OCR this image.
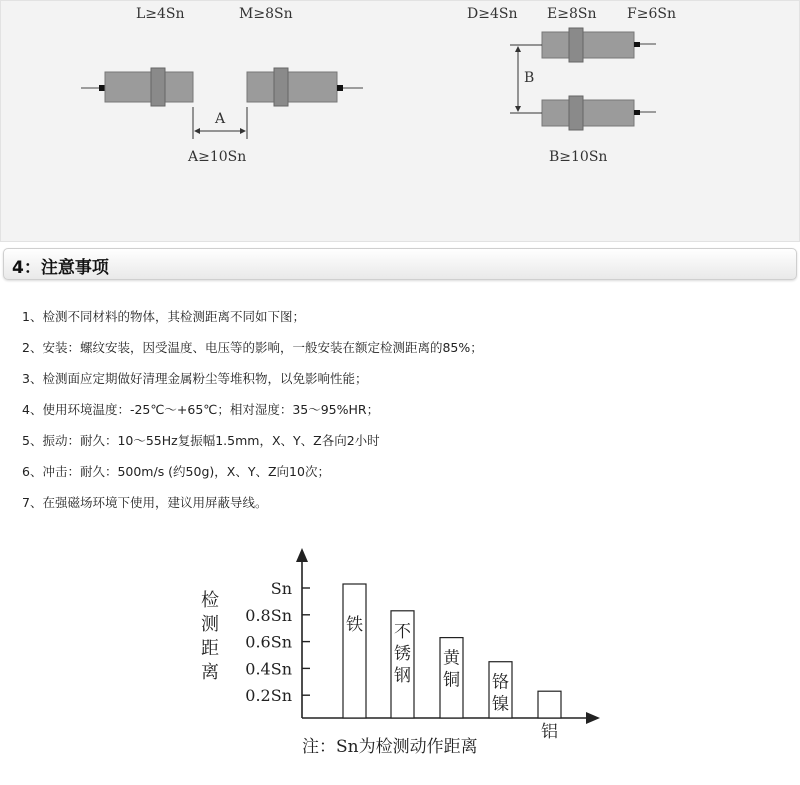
L≥4Sn	M≥8Sn
A
A≥10Sn
D≥4Sn E≥8Sn F≥6Sn
B
B≥10Sn
4：注意事项
1、检测不同材料的物体，其检测距离不同如下图；
2、安装：螺纹安装，因受温度、电压等的影响，一般安装在额定检测距离的85%；
3、检测面应定期做好清理金属粉尘等堆积物，以免影响性能；
4、使用环境温度：-25℃～+65℃；相对湿度：35～95%HR；
5、振动：耐久：10～55Hz复振幅1.5mm，X、Y、Z各向2小时
6、冲击：耐久：500m/s (约50g)，X、Y、Z向10次；
7、在强磁场环境下使用，建议用屏蔽导线。
Sn
0.8Sn
0.6Sn
0.4Sn
0.2Sn
铁 不锈钢
黄铜 铬镍
铝
检测距离
注：Sn为检测动作距离
